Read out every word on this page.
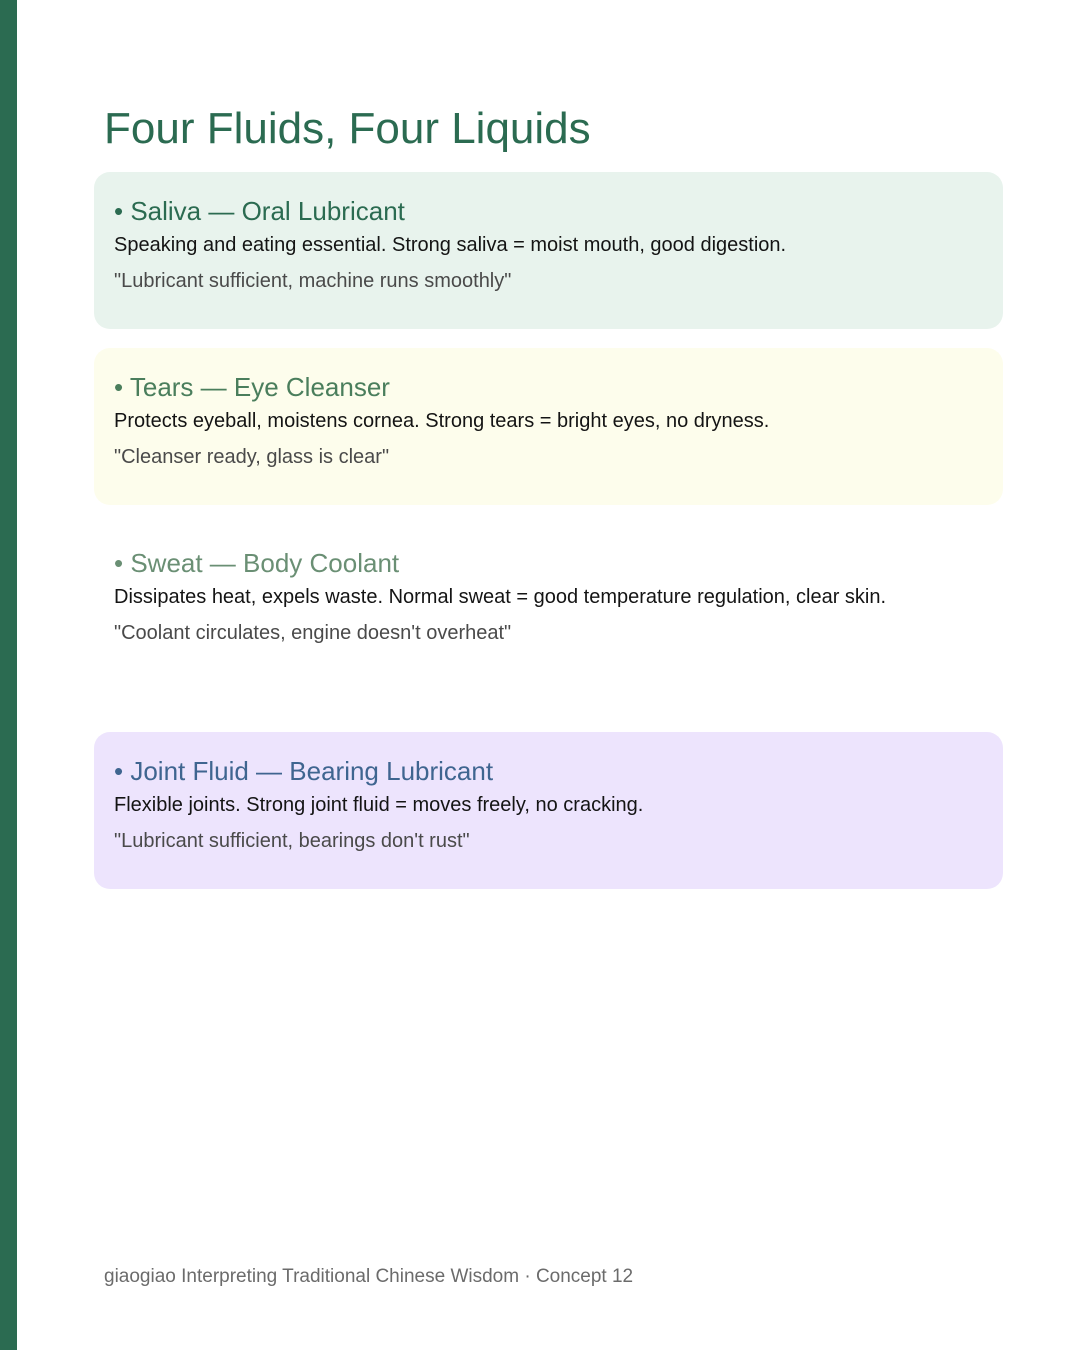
Four Fluids, Four Liquids
• Saliva — Oral Lubricant

Speaking and eating essential. Strong saliva = moist mouth, good digestion.

"Lubricant sufficient, machine runs smoothly"

• Tears — Eye Cleanser

Protects eyeball, moistens cornea. Strong tears = bright eyes, no dryness.

"Cleanser ready, glass is clear"

• Sweat — Body Coolant

Dissipates heat, expels waste. Normal sweat = good temperature regulation, clear skin.

"Coolant circulates, engine doesn't overheat"

• Joint Fluid — Bearing Lubricant

Flexible joints. Strong joint fluid = moves freely, no cracking.

"Lubricant sufficient, bearings don't rust"

giaogiao Interpreting Traditional Chinese Wisdom · Concept 12
